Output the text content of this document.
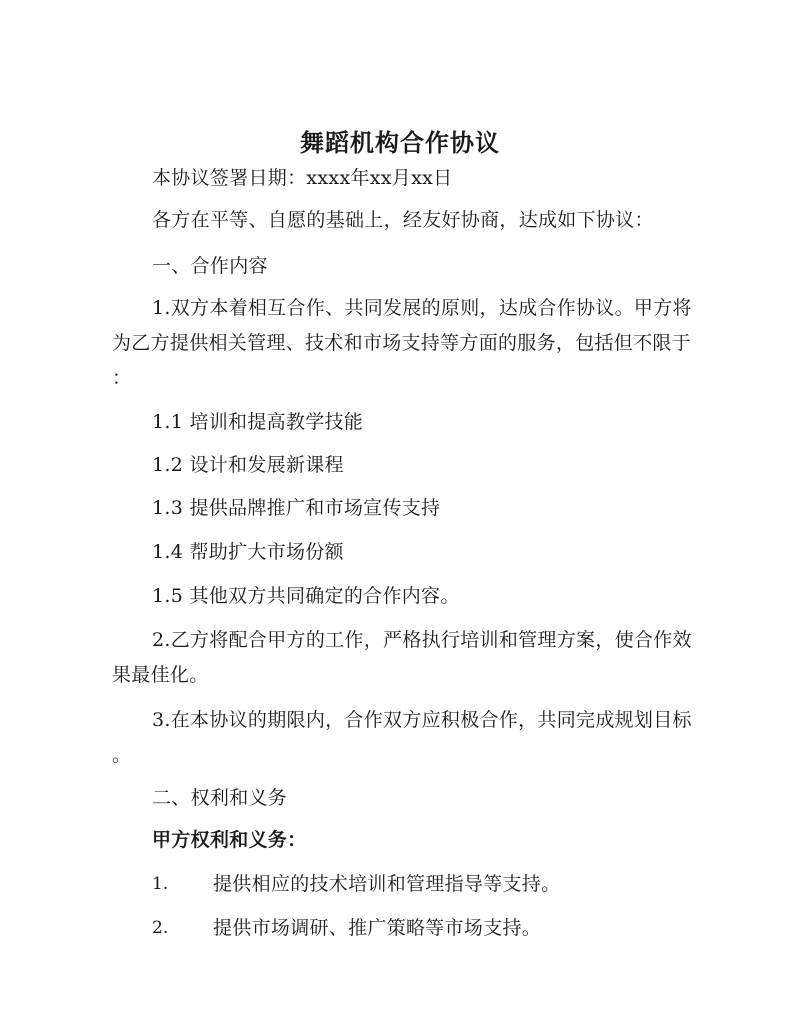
舞蹈机构合作协议
本协议签署日期：xxxx年xx月xx日
各方在平等、自愿的基础上，经友好协商，达成如下协议：
一、合作内容
1.双方本着相互合作、共同发展的原则，达成合作协议。甲方将
为乙方提供相关管理、技术和市场支持等方面的服务，包括但不限于
：
1.1 培训和提高教学技能
1.2 设计和发展新课程
1.3 提供品牌推广和市场宣传支持
1.4 帮助扩大市场份额
1.5 其他双方共同确定的合作内容。
2.乙方将配合甲方的工作，严格执行培训和管理方案，使合作效
果最佳化。
3.在本协议的期限内，合作双方应积极合作，共同完成规划目标
。
二、权利和义务
甲方权利和义务：
1. 提供相应的技术培训和管理指导等支持。
2. 提供市场调研、推广策略等市场支持。
